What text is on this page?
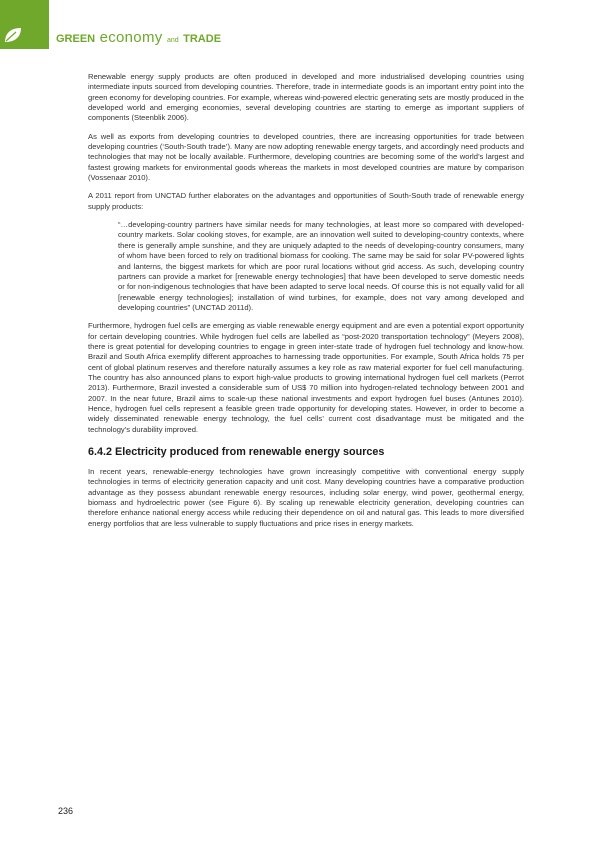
GREEN economy and TRADE

Renewable energy supply products are often produced in developed and more industrialised developing countries using intermediate inputs sourced from developing countries. Therefore, trade in intermediate goods is an important entry point into the green economy for developing countries. For example, whereas wind-powered electric generating sets are mostly produced in the developed world and emerging economies, several developing countries are starting to emerge as important suppliers of components (Steenblik 2006).

As well as exports from developing countries to developed countries, there are increasing opportunities for trade between developing countries (‘South-South trade’). Many are now adopting renewable energy targets, and accordingly need products and technologies that may not be locally available. Furthermore, developing countries are becoming some of the world’s largest and fastest growing markets for environmental goods whereas the markets in most developed countries are mature by comparison (Vossenaar 2010).

A 2011 report from UNCTAD further elaborates on the advantages and opportunities of South-South trade of renewable energy supply products:

“…developing-country partners have similar needs for many technologies, at least more so compared with developed-country markets. Solar cooking stoves, for example, are an innovation well suited to developing-country contexts, where there is generally ample sunshine, and they are uniquely adapted to the needs of developing-country consumers, many of whom have been forced to rely on traditional biomass for cooking. The same may be said for solar PV-powered lights and lanterns, the biggest markets for which are poor rural locations without grid access. As such, developing country partners can provide a market for [renewable energy technologies] that have been developed to serve domestic needs or for non-indigenous technologies that have been adapted to serve local needs. Of course this is not equally valid for all [renewable energy technologies]; installation of wind turbines, for example, does not vary among developed and developing countries” (UNCTAD 2011d).

Furthermore, hydrogen fuel cells are emerging as viable renewable energy equipment and are even a potential export opportunity for certain developing countries. While hydrogen fuel cells are labelled as “post-2020 transportation technology” (Meyers 2008), there is great potential for developing countries to engage in green inter-state trade of hydrogen fuel technology and know-how. Brazil and South Africa exemplify different approaches to harnessing trade opportunities. For example, South Africa holds 75 per cent of global platinum reserves and therefore naturally assumes a key role as raw material exporter for fuel cell manufacturing. The country has also announced plans to export high-value products to growing international hydrogen fuel cell markets (Perrot 2013). Furthermore, Brazil invested a considerable sum of US$ 70 million into hydrogen-related technology between 2001 and 2007. In the near future, Brazil aims to scale-up these national investments and export hydrogen fuel buses (Antunes 2010). Hence, hydrogen fuel cells represent a feasible green trade opportunity for developing states. However, in order to become a widely disseminated renewable energy technology, the fuel cells’ current cost disadvantage must be mitigated and the technology’s durability improved.

6.4.2 Electricity produced from renewable energy sources

In recent years, renewable-energy technologies have grown increasingly competitive with conventional energy supply technologies in terms of electricity generation capacity and unit cost. Many developing countries have a comparative production advantage as they possess abundant renewable energy resources, including solar energy, wind power, geothermal energy, biomass and hydroelectric power (see Figure 6). By scaling up renewable electricity generation, developing countries can therefore enhance national energy access while reducing their dependence on oil and natural gas. This leads to more diversified energy portfolios that are less vulnerable to supply fluctuations and price rises in energy markets.

236
